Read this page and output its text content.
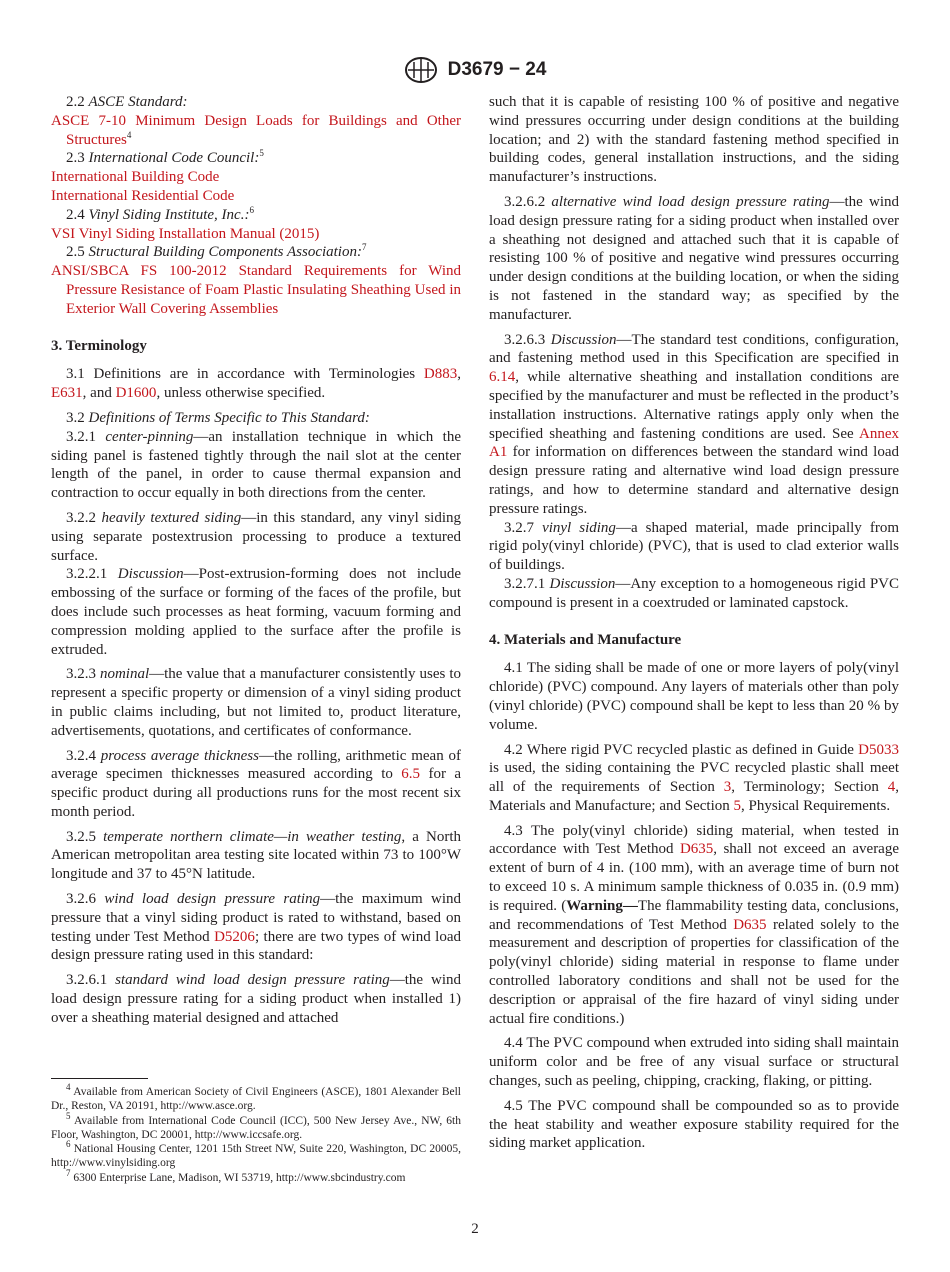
D3679 − 24

2.2 ASCE Standard:

ASCE 7-10 Minimum Design Loads for Buildings and Other Structures$^4$

2.3 International Code Council:$^5$

International Building Code

International Residential Code

2.4 Vinyl Siding Institute, Inc.:$^6$

VSI Vinyl Siding Installation Manual (2015)

2.5 Structural Building Components Association:$^7$

ANSI/SBCA FS 100-2012 Standard Requirements for Wind Pressure Resistance of Foam Plastic Insulating Sheathing Used in Exterior Wall Covering Assemblies

3. Terminology

3.1 Definitions are in accordance with Terminologies D883, E631, and D1600, unless otherwise specified.

3.2 Definitions of Terms Specific to This Standard:

3.2.1 center-pinning—an installation technique in which the siding panel is fastened tightly through the nail slot at the center length of the panel, in order to cause thermal expansion and contraction to occur equally in both directions from the center.

3.2.2 heavily textured siding—in this standard, any vinyl siding using separate postextrusion processing to produce a textured surface.

3.2.2.1 Discussion—Post-extrusion-forming does not include embossing of the surface or forming of the faces of the profile, but does include such processes as heat forming, vacuum forming and compression molding applied to the surface after the profile is extruded.

3.2.3 nominal—the value that a manufacturer consistently uses to represent a specific property or dimension of a vinyl siding product in public claims including, but not limited to, product literature, advertisements, quotations, and certificates of conformance.

3.2.4 process average thickness—the rolling, arithmetic mean of average specimen thicknesses measured according to 6.5 for a specific product during all productions runs for the most recent six month period.

3.2.5 temperate northern climate—in weather testing, a North American metropolitan area testing site located within 73 to 100°W longitude and 37 to 45°N latitude.

3.2.6 wind load design pressure rating—the maximum wind pressure that a vinyl siding product is rated to withstand, based on testing under Test Method D5206; there are two types of wind load design pressure rating used in this standard:

3.2.6.1 standard wind load design pressure rating—the wind load design pressure rating for a siding product when installed 1) over a sheathing material designed and attached

such that it is capable of resisting 100 % of positive and negative wind pressures occurring under design conditions at the building location; and 2) with the standard fastening method specified in building codes, general installation instructions, and the siding manufacturer’s instructions.

3.2.6.2 alternative wind load design pressure rating—the wind load design pressure rating for a siding product when installed over a sheathing not designed and attached such that it is capable of resisting 100 % of positive and negative wind pressures occurring under design conditions at the building location, or when the siding is not fastened in the standard way; as specified by the manufacturer.

3.2.6.3 Discussion—The standard test conditions, configuration, and fastening method used in this Specification are specified in 6.14, while alternative sheathing and installation conditions are specified by the manufacturer and must be reflected in the product’s installation instructions. Alternative ratings apply only when the specified sheathing and fastening conditions are used. See Annex A1 for information on differences between the standard wind load design pressure rating and alternative wind load design pressure ratings, and how to determine standard and alternative design pressure ratings.

3.2.7 vinyl siding—a shaped material, made principally from rigid poly(vinyl chloride) (PVC), that is used to clad exterior walls of buildings.

3.2.7.1 Discussion—Any exception to a homogeneous rigid PVC compound is present in a coextruded or laminated capstock.

4. Materials and Manufacture

4.1 The siding shall be made of one or more layers of poly(vinyl chloride) (PVC) compound. Any layers of materials other than poly (vinyl chloride) (PVC) compound shall be kept to less than 20 % by volume.

4.2 Where rigid PVC recycled plastic as defined in Guide D5033 is used, the siding containing the PVC recycled plastic shall meet all of the requirements of Section 3, Terminology; Section 4, Materials and Manufacture; and Section 5, Physical Requirements.

4.3 The poly(vinyl chloride) siding material, when tested in accordance with Test Method D635, shall not exceed an average extent of burn of 4 in. (100 mm), with an average time of burn not to exceed 10 s. A minimum sample thickness of 0.035 in. (0.9 mm) is required. (Warning—The flammability testing data, conclusions, and recommendations of Test Method D635 related solely to the measurement and description of properties for classification of the poly(vinyl chloride) siding material in response to flame under controlled laboratory conditions and shall not be used for the description or appraisal of the fire hazard of vinyl siding under actual fire conditions.)

4.4 The PVC compound when extruded into siding shall maintain uniform color and be free of any visual surface or structural changes, such as peeling, chipping, cracking, flaking, or pitting.

4.5 The PVC compound shall be compounded so as to provide the heat stability and weather exposure stability required for the siding market application.

$^4$ Available from American Society of Civil Engineers (ASCE), 1801 Alexander Bell Dr., Reston, VA 20191, http://www.asce.org.

$^5$ Available from International Code Council (ICC), 500 New Jersey Ave., NW, 6th Floor, Washington, DC 20001, http://www.iccsafe.org.

$^6$ National Housing Center, 1201 15th Street NW, Suite 220, Washington, DC 20005, http://www.vinylsiding.org

$^7$ 6300 Enterprise Lane, Madison, WI 53719, http://www.sbcindustry.com

2
